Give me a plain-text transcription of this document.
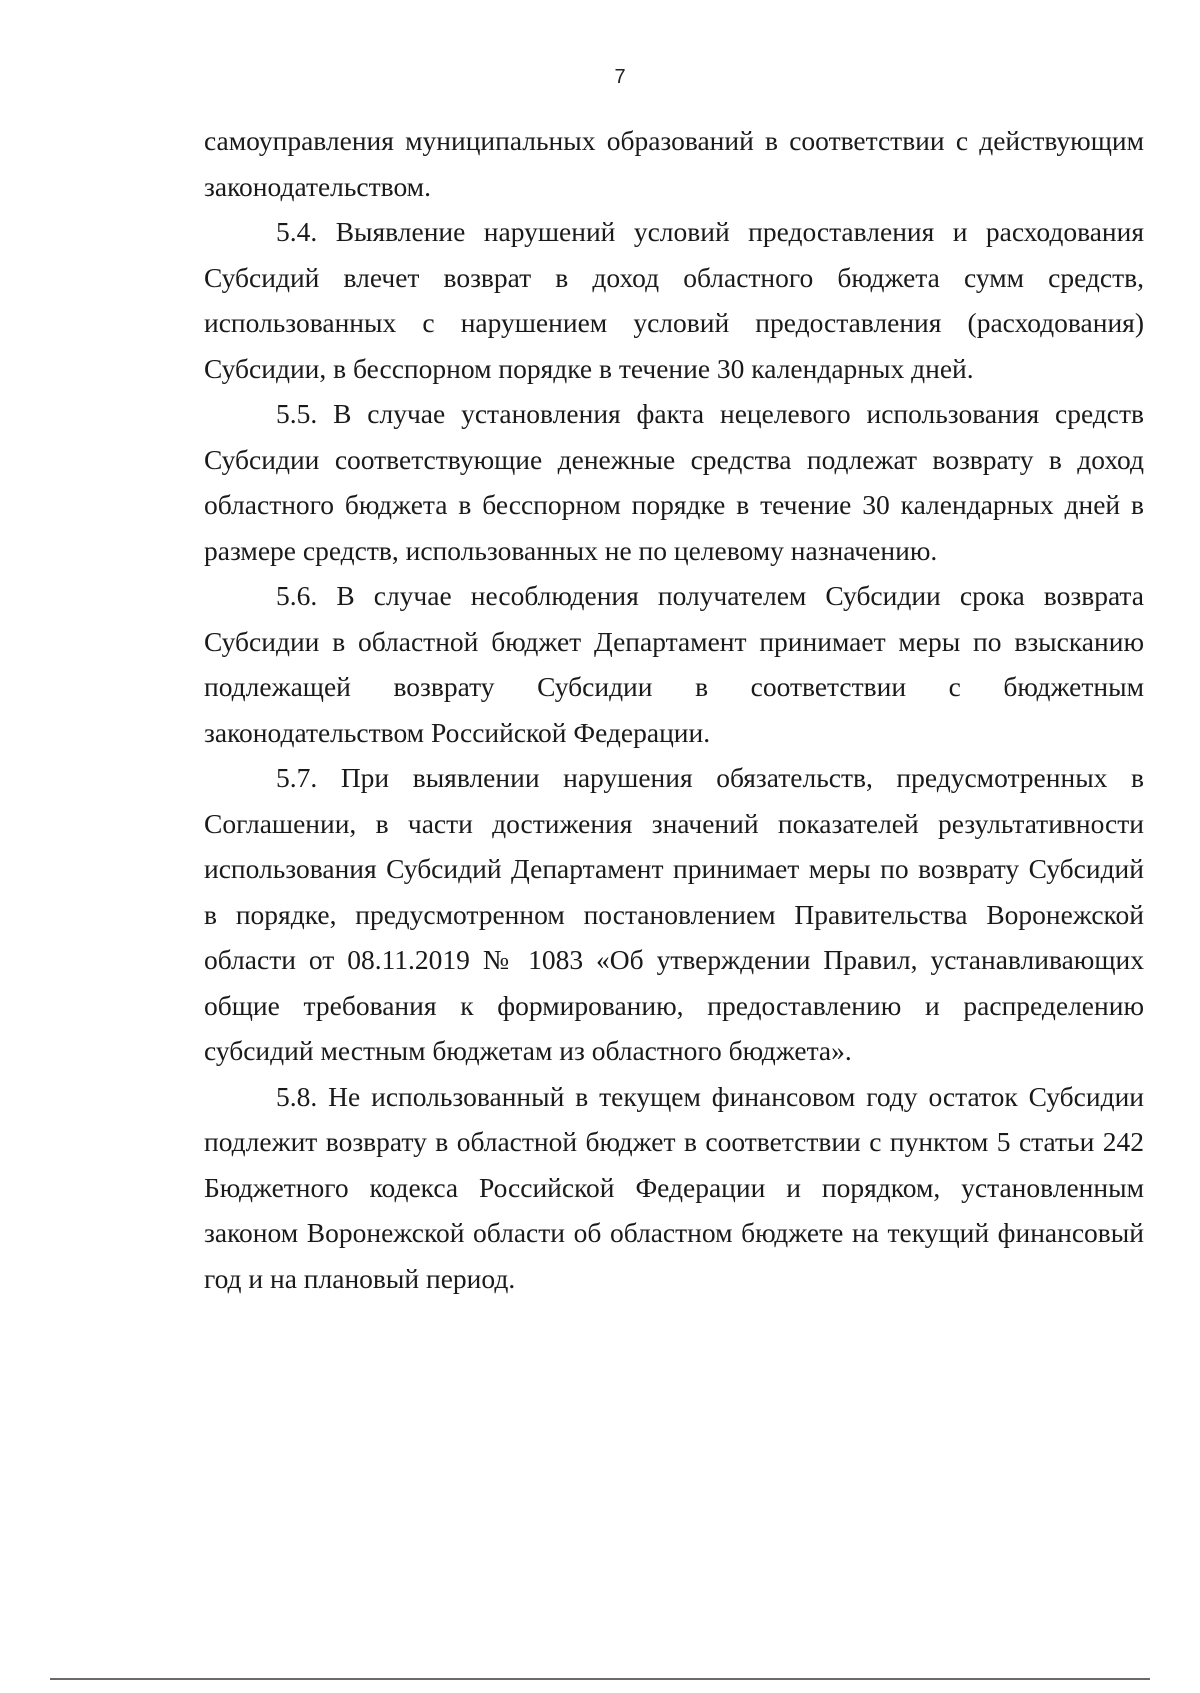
7

самоуправления муниципальных образований в соответствии с действующим законодательством.

5.4. Выявление нарушений условий предоставления и расходования Субсидий влечет возврат в доход областного бюджета сумм средств, использованных с нарушением условий предоставления (расходования) Субсидии, в бесспорном порядке в течение 30 календарных дней.

5.5. В случае установления факта нецелевого использования средств Субсидии соответствующие денежные средства подлежат возврату в доход областного бюджета в бесспорном порядке в течение 30 календарных дней в размере средств, использованных не по целевому назначению.

5.6. В случае несоблюдения получателем Субсидии срока возврата Субсидии в областной бюджет Департамент принимает меры по взысканию подлежащей возврату Субсидии в соответствии с бюджетным законодательством Российской Федерации.

5.7. При выявлении нарушения обязательств, предусмотренных в Соглашении, в части достижения значений показателей результативности использования Субсидий Департамент принимает меры по возврату Субсидий в порядке, предусмотренном постановлением Правительства Воронежской области от 08.11.2019 № 1083 «Об утверждении Правил, устанавливающих общие требования к формированию, предоставлению и распределению субсидий местным бюджетам из областного бюджета».

5.8. Не использованный в текущем финансовом году остаток Субсидии подлежит возврату в областной бюджет в соответствии с пунктом 5 статьи 242 Бюджетного кодекса Российской Федерации и порядком, установленным законом Воронежской области об областном бюджете на текущий финансовый год и на плановый период.
